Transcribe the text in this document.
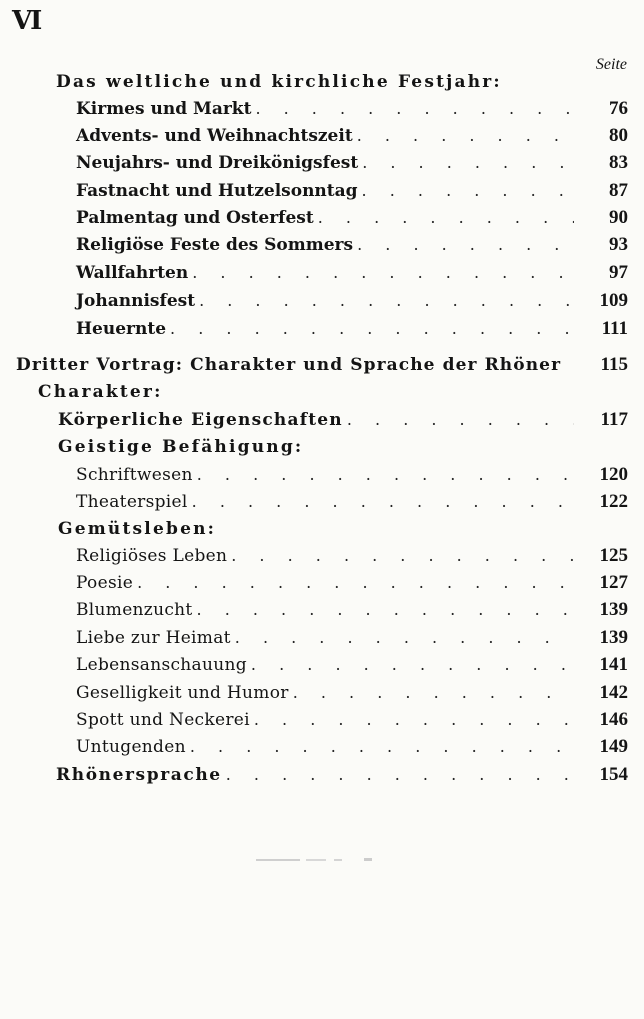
VI
Seite
Das weltliche und kirchliche Festjahr:
Kirmes und Markt . . .	76
Advents- und Weihnachtszeit . . .	80
Neujahrs- und Dreikönigsfest . . .	83
Fastnacht und Hutzelsonntag . . .	87
Palmentag und Osterfest . . .	90
Religiöse Feste des Sommers . . .	93
Wallfahrten . . .	97
Johannisfest . . .	109
Heuernte . . .	111
Dritter Vortrag: Charakter und Sprache der Rhöner	115
Charakter:
Körperliche Eigenschaften . . .	117
Geistige Befähigung:
Schriftwesen . . .	120
Theaterspiel . . .	122
Gemütsleben:
Religiöses Leben . . .	125
Poesie . . .	127
Blumenzucht . . .	139
Liebe zur Heimat . . .	139
Lebensanschauung . . .	141
Geselligkeit und Humor . . .	142
Spott und Neckerei . . .	146
Untugenden . . .	149
Rhönersprache . . .	154
